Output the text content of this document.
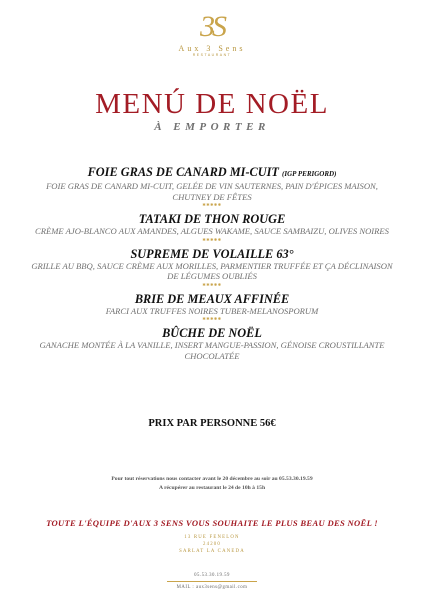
3S
Aux 3 Sens
RESTAURANT
MENÚ DE NOËL
À EMPORTER
FOIE GRAS DE CANARD MI-CUIT (IGP PERIGORD)
FOIE GRAS DE CANARD MI-CUIT, GELÉE DE VIN SAUTERNES, PAIN D'ÉPICES MAISON, CHUTNEY DE FÊTES
✱✱✱✱✱
TATAKI DE THON ROUGE
CRÈME AJO-BLANCO AUX AMANDES, ALGUES WAKAME, SAUCE SAMBAIZU, OLIVES NOIRES
✱✱✱✱✱
SUPREME DE VOLAILLE 63°
GRILLE AU BBQ, SAUCE CRÈME AUX MORILLES, PARMENTIER TRUFFÉE ET ÇA DÉCLINAISON DE LÉGUMES OUBLIÉS
✱✱✱✱✱
BRIE DE MEAUX AFFINÉE
FARCI AUX TRUFFES NOIRES TUBER-MELANOSPORUM
✱✱✱✱✱
BÛCHE DE NOËL
GANACHE MONTÉE À LA VANILLE, INSERT MANGUE-PASSION, GÉNOISE CROUSTILLANTE CHOCOLATÉE
PRIX PAR PERSONNE 56€
Pour tout réservations nous contacter avant le 20 décembre au soir au 05.53.30.19.59
A récupérer au restaurant le 24 de 10h à 15h
TOUTE L'ÉQUIPE D'AUX 3 SENS VOUS SOUHAITE LE PLUS BEAU DES NOËL !
13 RUE FENELON
24200
SARLAT LA CANEDA
05.53.30.19.59
MAIL : aux3sens@gmail.com
